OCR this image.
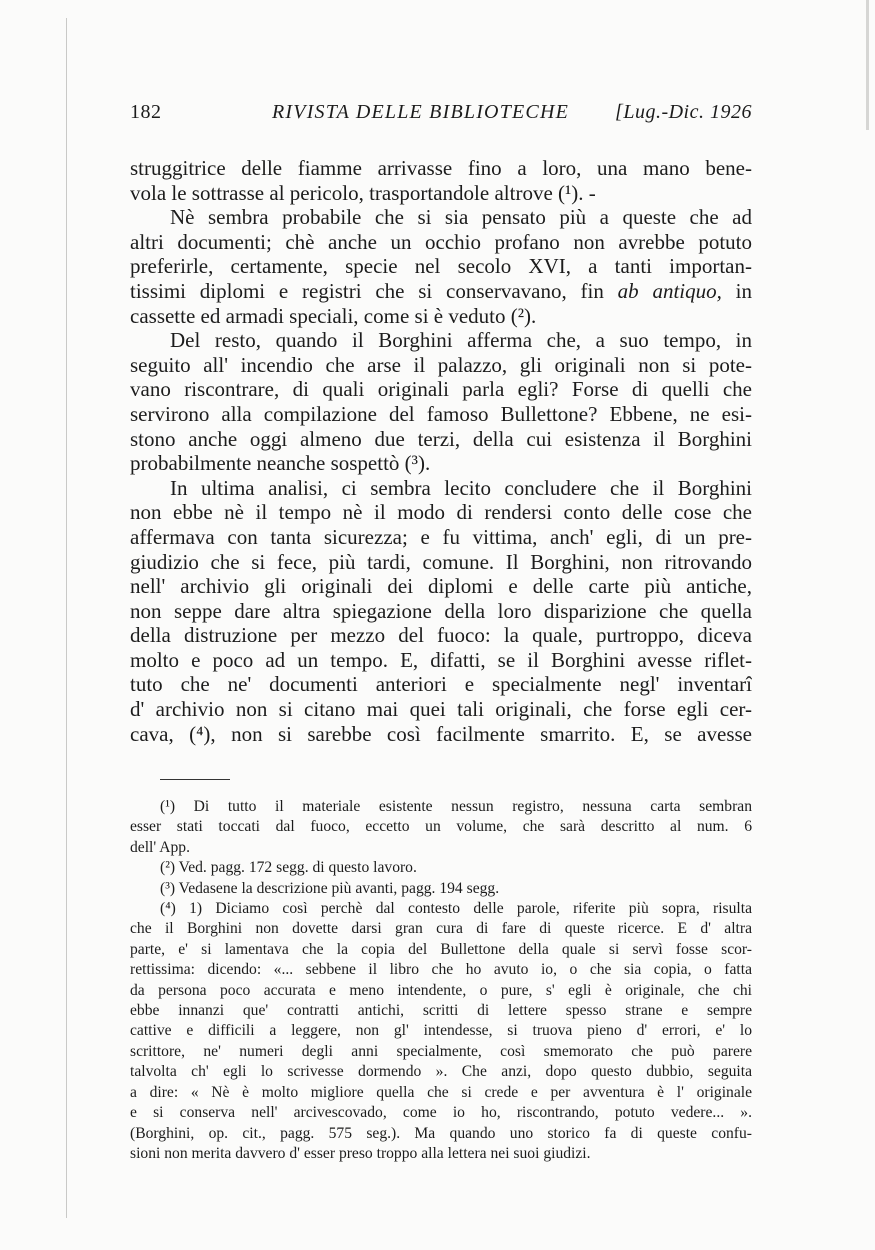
182	RIVISTA DELLE BIBLIOTECHE [Lug.-Dic. 1926
struggitrice delle fiamme arrivasse fino a loro, una mano bene-
vola le sottrasse al pericolo, trasportandole altrove (¹). -
Nè sembra probabile che si sia pensato più a queste che ad
altri documenti; chè anche un occhio profano non avrebbe potuto
preferirle, certamente, specie nel secolo XVI, a tanti importan-
tissimi diplomi e registri che si conservavano, fin ab antiquo, in
cassette ed armadi speciali, come si è veduto (²).
Del resto, quando il Borghini afferma che, a suo tempo, in
seguito all' incendio che arse il palazzo, gli originali non si pote-
vano riscontrare, di quali originali parla egli? Forse di quelli che
servirono alla compilazione del famoso Bullettone? Ebbene, ne esi-
stono anche oggi almeno due terzi, della cui esistenza il Borghini
probabilmente neanche sospettò (³).
In ultima analisi, ci sembra lecito concludere che il Borghini
non ebbe nè il tempo nè il modo di rendersi conto delle cose che
affermava con tanta sicurezza; e fu vittima, anch' egli, di un pre-
giudizio che si fece, più tardi, comune. Il Borghini, non ritrovando
nell' archivio gli originali dei diplomi e delle carte più antiche,
non seppe dare altra spiegazione della loro disparizione che quella
della distruzione per mezzo del fuoco: la quale, purtroppo, diceva
molto e poco ad un tempo. E, difatti, se il Borghini avesse riflet-
tuto che ne' documenti anteriori e specialmente negl' inventarî
d' archivio non si citano mai quei tali originali, che forse egli cer-
cava, (⁴), non si sarebbe così facilmente smarrito. E, se avesse
(¹) Di tutto il materiale esistente nessun registro, nessuna carta sembran
esser stati toccati dal fuoco, eccetto un volume, che sarà descritto al num. 6
dell' App.
(²) Ved. pagg. 172 segg. di questo lavoro.
(³) Vedasene la descrizione più avanti, pagg. 194 segg.
(⁴) 1) Diciamo così perchè dal contesto delle parole, riferite più sopra, risulta
che il Borghini non dovette darsi gran cura di fare di queste ricerce. E d' altra
parte, e' si lamentava che la copia del Bullettone della quale si servì fosse scor-
rettissima: dicendo: «... sebbene il libro che ho avuto io, o che sia copia, o fatta
da persona poco accurata e meno intendente, o pure, s' egli è originale, che chi
ebbe innanzi que' contratti antichi, scritti di lettere spesso strane e sempre
cattive e difficili a leggere, non gl' intendesse, si truova pieno d' errori, e' lo
scrittore, ne' numeri degli anni specialmente, così smemorato che può parere
talvolta ch' egli lo scrivesse dormendo ». Che anzi, dopo questo dubbio, seguita
a dire: « Nè è molto migliore quella che si crede e per avventura è l' originale
e si conserva nell' arcivescovado, come io ho, riscontrando, potuto vedere... ».
(Borghini, op. cit., pagg. 575 seg.). Ma quando uno storico fa di queste confu-
sioni non merita davvero d' esser preso troppo alla lettera nei suoi giudizi.
